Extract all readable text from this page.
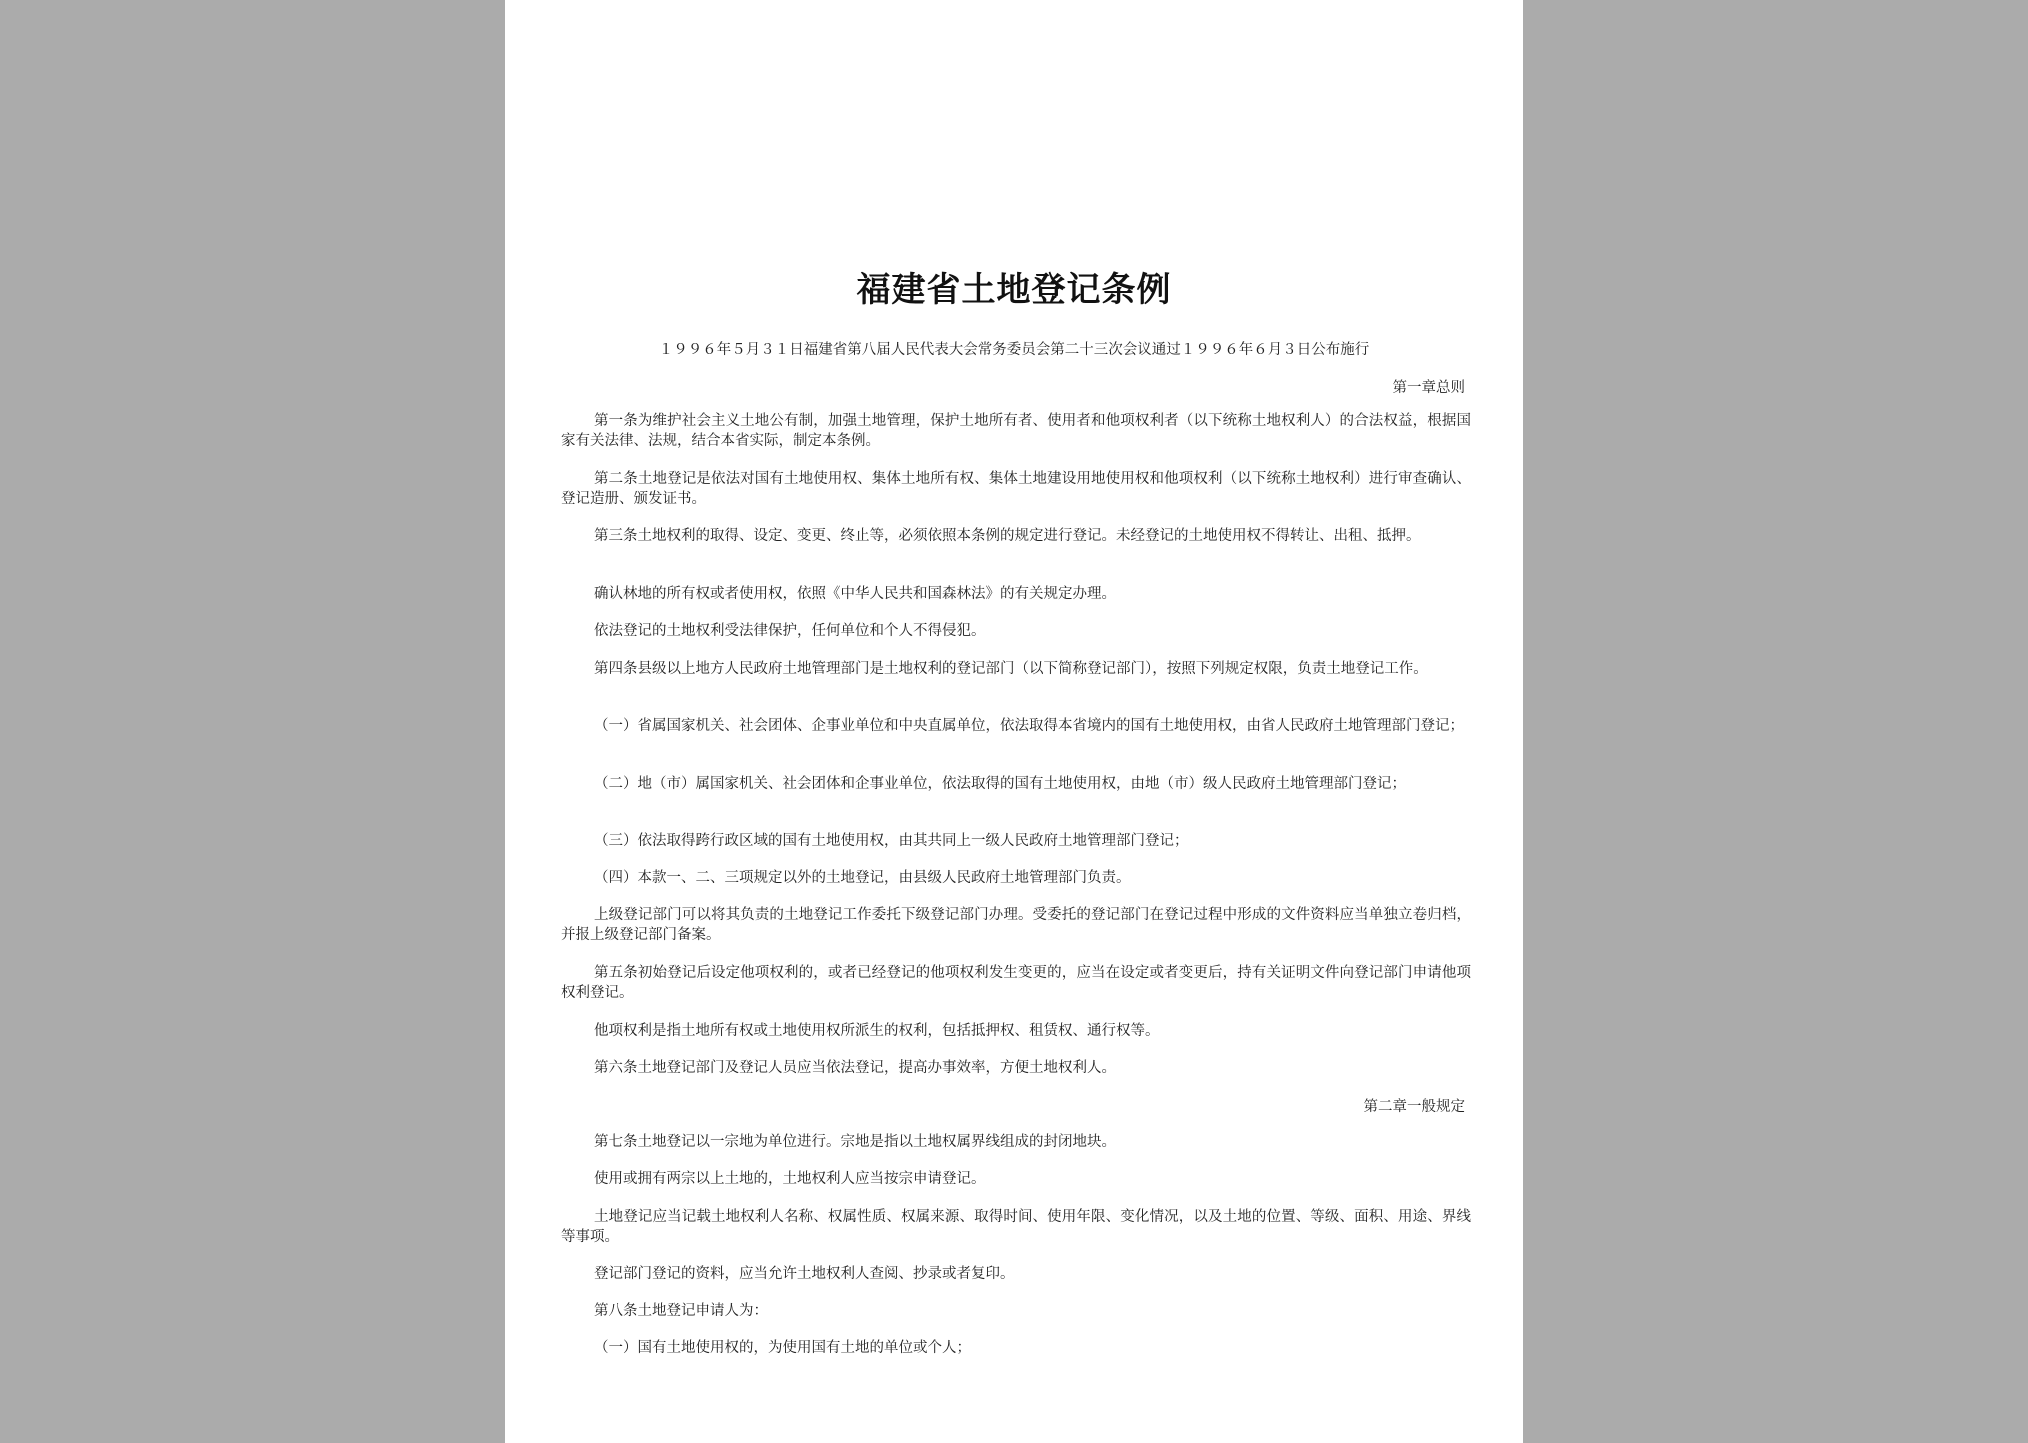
福建省土地登记条例
１９９６年５月３１日福建省第八届人民代表大会常务委员会第二十三次会议通过１９９６年６月３日公布施行
第一章总则
第一条为维护社会主义土地公有制，加强土地管理，保护土地所有者、使用者和他项权利者（以下统称土地权利人）的合法权益，根据国家有关法律、法规，结合本省实际，制定本条例。
第二条土地登记是依法对国有土地使用权、集体土地所有权、集体土地建设用地使用权和他项权利（以下统称土地权利）进行审查确认、登记造册、颁发证书。
第三条土地权利的取得、设定、变更、终止等，必须依照本条例的规定进行登记。未经登记的土地使用权不得转让、出租、抵押。
确认林地的所有权或者使用权，依照《中华人民共和国森林法》的有关规定办理。
依法登记的土地权利受法律保护，任何单位和个人不得侵犯。
第四条县级以上地方人民政府土地管理部门是土地权利的登记部门（以下简称登记部门），按照下列规定权限，负责土地登记工作。
（一）省属国家机关、社会团体、企事业单位和中央直属单位，依法取得本省境内的国有土地使用权，由省人民政府土地管理部门登记；
（二）地（市）属国家机关、社会团体和企事业单位，依法取得的国有土地使用权，由地（市）级人民政府土地管理部门登记；
（三）依法取得跨行政区域的国有土地使用权，由其共同上一级人民政府土地管理部门登记；
（四）本款一、二、三项规定以外的土地登记，由县级人民政府土地管理部门负责。
上级登记部门可以将其负责的土地登记工作委托下级登记部门办理。受委托的登记部门在登记过程中形成的文件资料应当单独立卷归档，并报上级登记部门备案。
第五条初始登记后设定他项权利的，或者已经登记的他项权利发生变更的，应当在设定或者变更后，持有关证明文件向登记部门申请他项权利登记。
他项权利是指土地所有权或土地使用权所派生的权利，包括抵押权、租赁权、通行权等。
第六条土地登记部门及登记人员应当依法登记，提高办事效率，方便土地权利人。
第二章一般规定
第七条土地登记以一宗地为单位进行。宗地是指以土地权属界线组成的封闭地块。
使用或拥有两宗以上土地的，土地权利人应当按宗申请登记。
土地登记应当记载土地权利人名称、权属性质、权属来源、取得时间、使用年限、变化情况，以及土地的位置、等级、面积、用途、界线等事项。
登记部门登记的资料，应当允许土地权利人查阅、抄录或者复印。
第八条土地登记申请人为：
（一）国有土地使用权的，为使用国有土地的单位或个人；
